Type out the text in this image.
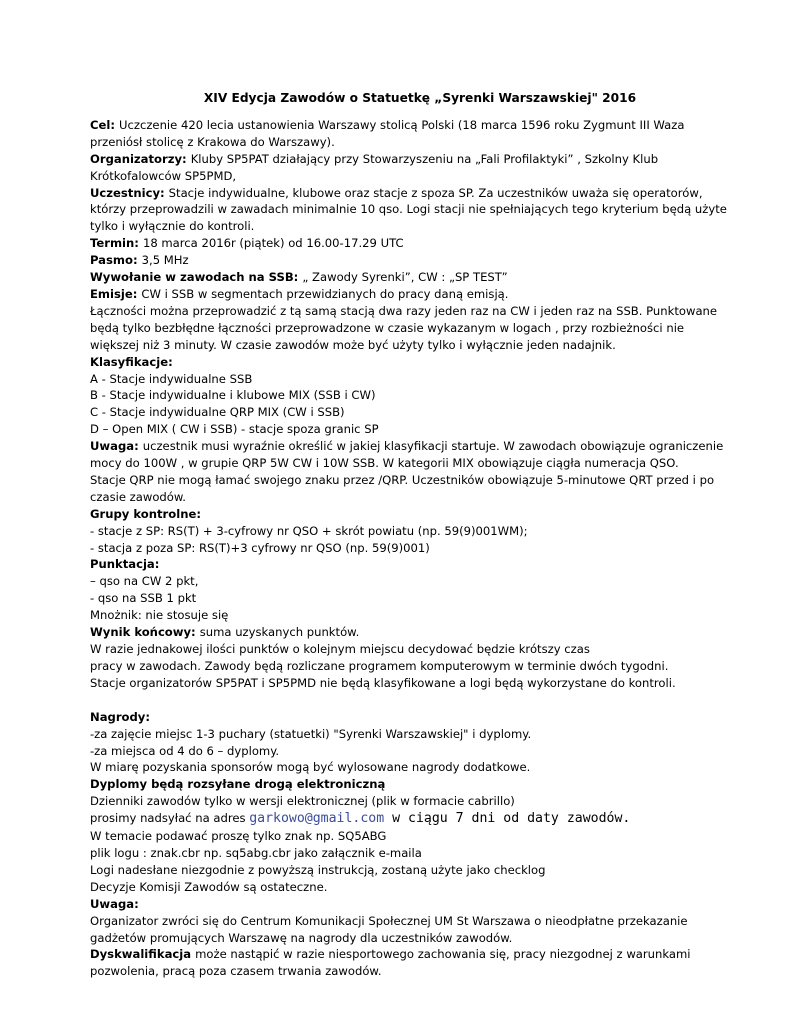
XIV Edycja Zawodów o Statuetkę „Syrenki Warszawskiej" 2016
Cel: Uczczenie 420 lecia ustanowienia Warszawy stolicą Polski (18 marca 1596 roku Zygmunt III Waza
przeniósł stolicę z Krakowa do Warszawy).
Organizatorzy: Kluby SP5PAT działający przy Stowarzyszeniu na „Fali Profilaktyki” , Szkolny Klub
Krótkofalowców SP5PMD,
Uczestnicy: Stacje indywidualne, klubowe oraz stacje z spoza SP. Za uczestników uważa się operatorów,
którzy przeprowadzili w zawadach minimalnie 10 qso. Logi stacji nie spełniających tego kryterium będą użyte
tylko i wyłącznie do kontroli.
Termin: 18 marca 2016r (piątek) od 16.00-17.29 UTC
Pasmo: 3,5 MHz
Wywołanie w zawodach na SSB: „ Zawody Syrenki”, CW : „SP TEST”
Emisje: CW i SSB w segmentach przewidzianych do pracy daną emisją.
Łączności można przeprowadzić z tą samą stacją dwa razy jeden raz na CW i jeden raz na SSB. Punktowane
będą tylko bezbłędne łączności przeprowadzone w czasie wykazanym w logach , przy rozbieżności nie
większej niż 3 minuty. W czasie zawodów może być użyty tylko i wyłącznie jeden nadajnik.
Klasyfikacje:
A - Stacje indywidualne SSB
B - Stacje indywidualne i klubowe MIX (SSB i CW)
C - Stacje indywidualne QRP MIX (CW i SSB)
D – Open MIX ( CW i SSB) - stacje spoza granic SP
Uwaga: uczestnik musi wyraźnie określić w jakiej klasyfikacji startuje. W zawodach obowiązuje ograniczenie
mocy do 100W , w grupie QRP 5W CW i 10W SSB. W kategorii MIX obowiązuje ciągła numeracja QSO.
Stacje QRP nie mogą łamać swojego znaku przez /QRP. Uczestników obowiązuje 5-minutowe QRT przed i po
czasie zawodów.
Grupy kontrolne:
- stacje z SP: RS(T) + 3-cyfrowy nr QSO + skrót powiatu (np. 59(9)001WM);
- stacja z poza SP: RS(T)+3 cyfrowy nr QSO (np. 59(9)001)
Punktacja:
– qso na CW 2 pkt,
- qso na SSB 1 pkt
Mnożnik: nie stosuje się
Wynik końcowy: suma uzyskanych punktów.
W razie jednakowej ilości punktów o kolejnym miejscu decydować będzie krótszy czas
pracy w zawodach. Zawody będą rozliczane programem komputerowym w terminie dwóch tygodni.
Stacje organizatorów SP5PAT i SP5PMD nie będą klasyfikowane a logi będą wykorzystane do kontroli.
Nagrody:
-za zajęcie miejsc 1-3 puchary (statuetki) "Syrenki Warszawskiej" i dyplomy.
-za miejsca od 4 do 6 – dyplomy.
W miarę pozyskania sponsorów mogą być wylosowane nagrody dodatkowe.
Dyplomy będą rozsyłane drogą elektroniczną
Dzienniki zawodów tylko w wersji elektronicznej (plik w formacie cabrillo)
prosimy nadsyłać na adres garkowo@gmail.com w ciągu 7 dni od daty zawodów.
W temacie podawać proszę tylko znak np. SQ5ABG
plik logu : znak.cbr np. sq5abg.cbr jako załącznik e-maila
Logi nadesłane niezgodnie z powyższą instrukcją, zostaną użyte jako checklog
Decyzje Komisji Zawodów są ostateczne.
Uwaga:
Organizator zwróci się do Centrum Komunikacji Społecznej UM St Warszawa o nieodpłatne przekazanie
gadżetów promujących Warszawę na nagrody dla uczestników zawodów.
Dyskwalifikacja może nastąpić w razie niesportowego zachowania się, pracy niezgodnej z warunkami
pozwolenia, pracą poza czasem trwania zawodów.
